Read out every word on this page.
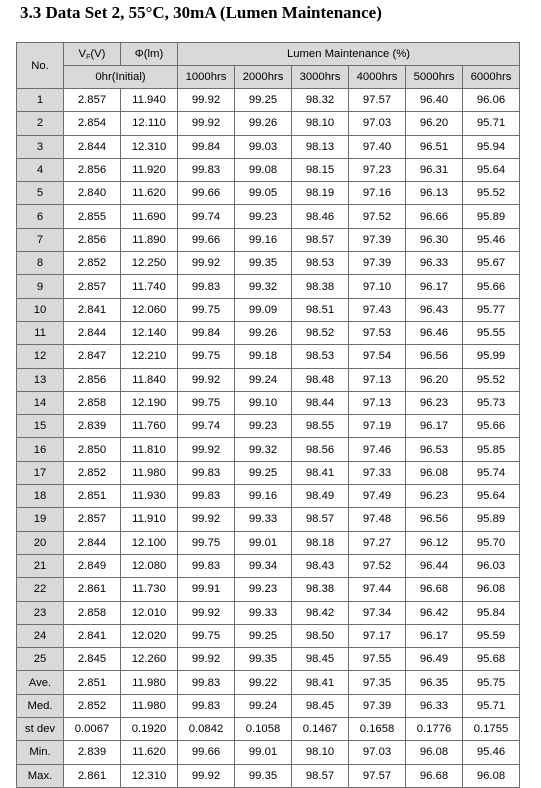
3.3 Data Set 2, 55°C, 30mA (Lumen Maintenance)
No.	$V_F(V)$	Φ(lm)	Lumen Maintenance (%)					
	0hr(Initial)		1000hrs	2000hrs	3000hrs	4000hrs	5000hrs	6000hrs
1	2.857	11.940	99.92	99.25	98.32	97.57	96.40	96.06
2	2.854	12.110	99.92	99.26	98.10	97.03	96.20	95.71
3	2.844	12.310	99.84	99.03	98.13	97.40	96.51	95.94
4	2.856	11.920	99.83	99.08	98.15	97.23	96.31	95.64
5	2.840	11.620	99.66	99.05	98.19	97.16	96.13	95.52
6	2.855	11.690	99.74	99.23	98.46	97.52	96.66	95.89
7	2.856	11.890	99.66	99.16	98.57	97.39	96.30	95.46
8	2.852	12.250	99.92	99.35	98.53	97.39	96.33	95.67
9	2.857	11.740	99.83	99.32	98.38	97.10	96.17	95.66
10	2.841	12.060	99.75	99.09	98.51	97.43	96.43	95.77
11	2.844	12.140	99.84	99.26	98.52	97.53	96.46	95.55
12	2.847	12.210	99.75	99.18	98.53	97.54	96.56	95.99
13	2.856	11.840	99.92	99.24	98.48	97.13	96.20	95.52
14	2.858	12.190	99.75	99.10	98.44	97.13	96.23	95.73
15	2.839	11.760	99.74	99.23	98.55	97.19	96.17	95.66
16	2.850	11.810	99.92	99.32	98.56	97.46	96.53	95.85
17	2.852	11.980	99.83	99.25	98.41	97.33	96.08	95.74
18	2.851	11.930	99.83	99.16	98.49	97.49	96.23	95.64
19	2.857	11.910	99.92	99.33	98.57	97.48	96.56	95.89
20	2.844	12.100	99.75	99.01	98.18	97.27	96.12	95.70
21	2.849	12.080	99.83	99.34	98.43	97.52	96.44	96.03
22	2.861	11.730	99.91	99.23	98.38	97.44	96.68	96.08
23	2.858	12.010	99.92	99.33	98.42	97.34	96.42	95.84
24	2.841	12.020	99.75	99.25	98.50	97.17	96.17	95.59
25	2.845	12.260	99.92	99.35	98.45	97.55	96.49	95.68
Ave.	2.851	11.980	99.83	99.22	98.41	97.35	96.35	95.75
Med.	2.852	11.980	99.83	99.24	98.45	97.39	96.33	95.71
st dev	0.0067	0.1920	0.0842	0.1058	0.1467	0.1658	0.1776	0.1755
Min.	2.839	11.620	99.66	99.01	98.10	97.03	96.08	95.46
Max.	2.861	12.310	99.92	99.35	98.57	97.57	96.68	96.08
